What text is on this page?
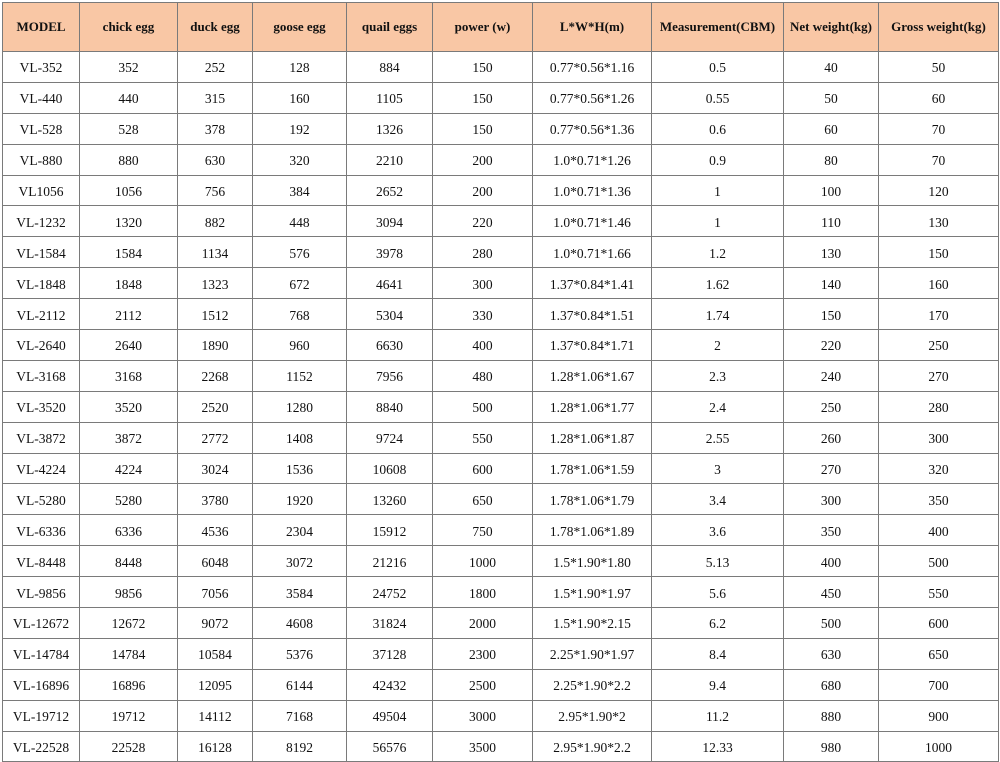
MODEL	chick egg	duck egg	goose egg	quail eggs	power (w)	L*W*H(m)	Measurement(CBM)	Net weight(kg)	Gross weight(kg)
VL-352	352	252	128	884	150	0.77*0.56*1.16	0.5	40	50
VL-440	440	315	160	1105	150	0.77*0.56*1.26	0.55	50	60
VL-528	528	378	192	1326	150	0.77*0.56*1.36	0.6	60	70
VL-880	880	630	320	2210	200	1.0*0.71*1.26	0.9	80	70
VL1056	1056	756	384	2652	200	1.0*0.71*1.36	1	100	120
VL-1232	1320	882	448	3094	220	1.0*0.71*1.46	1	110	130
VL-1584	1584	1134	576	3978	280	1.0*0.71*1.66	1.2	130	150
VL-1848	1848	1323	672	4641	300	1.37*0.84*1.41	1.62	140	160
VL-2112	2112	1512	768	5304	330	1.37*0.84*1.51	1.74	150	170
VL-2640	2640	1890	960	6630	400	1.37*0.84*1.71	2	220	250
VL-3168	3168	2268	1152	7956	480	1.28*1.06*1.67	2.3	240	270
VL-3520	3520	2520	1280	8840	500	1.28*1.06*1.77	2.4	250	280
VL-3872	3872	2772	1408	9724	550	1.28*1.06*1.87	2.55	260	300
VL-4224	4224	3024	1536	10608	600	1.78*1.06*1.59	3	270	320
VL-5280	5280	3780	1920	13260	650	1.78*1.06*1.79	3.4	300	350
VL-6336	6336	4536	2304	15912	750	1.78*1.06*1.89	3.6	350	400
VL-8448	8448	6048	3072	21216	1000	1.5*1.90*1.80	5.13	400	500
VL-9856	9856	7056	3584	24752	1800	1.5*1.90*1.97	5.6	450	550
VL-12672	12672	9072	4608	31824	2000	1.5*1.90*2.15	6.2	500	600
VL-14784	14784	10584	5376	37128	2300	2.25*1.90*1.97	8.4	630	650
VL-16896	16896	12095	6144	42432	2500	2.25*1.90*2.2	9.4	680	700
VL-19712	19712	14112	7168	49504	3000	2.95*1.90*2	11.2	880	900
VL-22528	22528	16128	8192	56576	3500	2.95*1.90*2.2	12.33	980	1000
